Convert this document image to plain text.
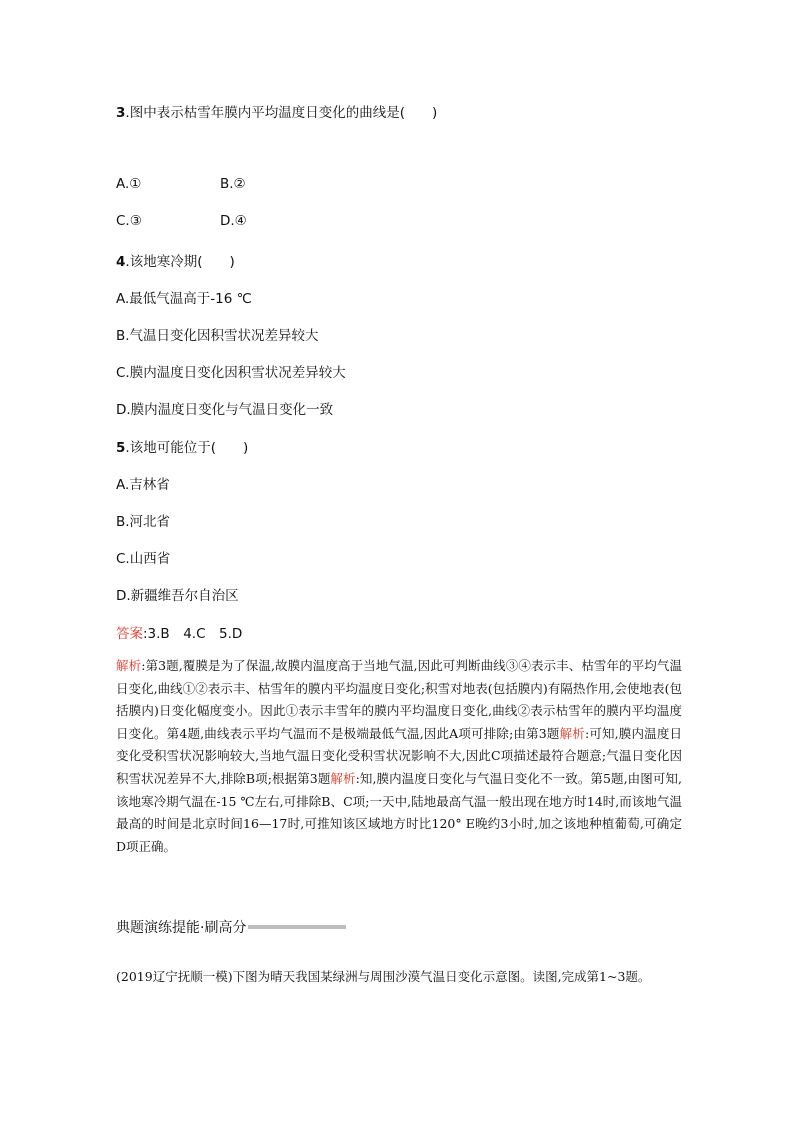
3.图中表示枯雪年膜内平均温度日变化的曲线是(　　)
A.①	B.②
C.③	D.④
4.该地寒冷期(　　)
A.最低气温高于-16 ℃
B.气温日变化因积雪状况差异较大
C.膜内温度日变化因积雪状况差异较大
D.膜内温度日变化与气温日变化一致
5.该地可能位于(　　)
A.吉林省
B.河北省
C.山西省
D.新疆维吾尔自治区
答案:3.B　4.C　5.D
解析:第3题,覆膜是为了保温,故膜内温度高于当地气温,因此可判断曲线③④表示丰、枯雪年的平均气温日变化,曲线①②表示丰、枯雪年的膜内平均温度日变化;积雪对地表(包括膜内)有隔热作用,会使地表(包括膜内)日变化幅度变小。因此①表示丰雪年的膜内平均温度日变化,曲线②表示枯雪年的膜内平均温度日变化。第4题,曲线表示平均气温而不是极端最低气温,因此A项可排除;由第3题解析:可知,膜内温度日变化受积雪状况影响较大,当地气温日变化受积雪状况影响不大,因此C项描述最符合题意;气温日变化因积雪状况差异不大,排除B项;根据第3题解析:知,膜内温度日变化与气温日变化不一致。第5题,由图可知,该地寒冷期气温在-15 ℃左右,可排除B、C项;一天中,陆地最高气温一般出现在地方时14时,而该地气温最高的时间是北京时间16—17时,可推知该区域地方时比120° E晚约3小时,加之该地种植葡萄,可确定D项正确。
典题演练提能 ·刷高分
(2019辽宁抚顺一模)下图为晴天我国某绿洲与周围沙漠气温日变化示意图。读图,完成第1~3题。
